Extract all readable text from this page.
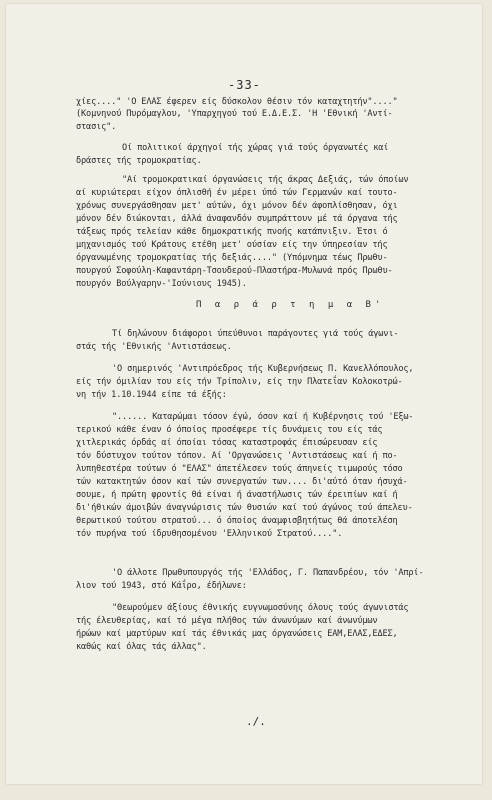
-33-
χίες...." 'Ο ΕΛΑΣ έφερεν είς δύσκολον θέσιν τόν καταχτητήν"...."
(Κομνηνού Πυρόμαγλου, 'Υπαρχηγού τού Ε.Δ.Ε.Σ. 'Η 'Εθνική 'Αντί-
στασις".
Οί πολιτικοί άρχηγοί τής χώρας γιά τούς όργανωτές καί
δράστες τής τρομοκρατίας.
"Αί τρομοκρατικαί όργανώσεις τής άκρας Δεξιάς, τών όποίων
αί κυριώτεραι είχον όπλισθή έν μέρει ύπό τών Γερμανών καί τουτο-
χρόνως συνεργάσθησαν μετ' αύτών, όχι μόνον δέν άφοπλίσθησαν, όχι
μόνον δέν διώκονται, άλλά άναφανδόν συμπράττουν μέ τά όργανα τής
τάξεως πρός τελείαν κάθε δημοκρατικής πνοής κατάπνιξιν. Έτσι ό
μηχανισμός τού Κράτους ετέθη μετ' ούσίαν είς την ύπηρεσίαν τής
όργανωμένης τρομοκρατίας τής δεξιάς...." (Υπόμνημα τέως Πρωθυ-
πουργού Σοφούλη-Καφαντάρη-Τσουδερού-Πλαστήρα-Μυλωνά πρός Πρωθυ-
πουργόν Βούλγαρην-'Ιούνιους 1945).
Π α ρ ά ρ τ η μ α Β'
Τί δηλώνουν διάφοροι ύπεύθυνοι παράγοντες γιά τούς άγωνι-
στάς τής 'Εθνικής 'Αντιστάσεως.
'Ο σημερινός 'Αντιπρόεδρος τής Κυβερνήσεως Π. Κανελλόπουλος,
είς τήν όμιλίαν του είς τήν Τρίπολιν, είς την Πλατεΐαν Κολοκοτρώ-
νη τήν 1.10.1944 είπε τά έξής:
"...... Καταρώμαι τόσον έγώ, όσον καί ή Κυβέρνησις τού 'Εξω-
τερικού κάθε έναν ό όποίος προσέφερε τίς δυνάμεις του είς τάς
χιτλερικάς όρδάς αί όποίαι τόσας καταστροφάς έπισώρευσαν είς
τόν δύστυχον τούτον τόπον. Αί 'Οργανώσεις 'Αντιστάσεως καί ή πο-
λυπηθεστέρα τούτων ό "ΕΛΑΣ" άπετέλεσεν τούς άπηνείς τιμωρούς τόσο
τών κατακτητών όσον καί τών συνεργατών των.... δι'αύτό όταν ήσυχά-
σουμε, ή πρώτη φροντίς θά είναι ή άναστήλωσις τών έρειπίων καί ή
δι'ήθικών άμοιβών άναγνώρισις τών θυσιών καί τού άγώνος τού άπελευ-
θερωτικού τούτου στρατού... ό όποίος άναμφισβητήτως θά άποτελέση
τόν πυρήνα τού ίδρυθησομένου 'Ελληνικού Στρατού....".
'Ο άλλοτε Πρωθυπουργός τής 'Ελλάδος, Γ. Παπανδρέου, τόν 'Απρί-
λιον τού 1943, στό Κάΐρο, έδήλωνε:
"Θεωρούμεν άξίους έθνικής ευγνωμοσύνης όλους τούς άγωνιστάς
τής έλευθερίας, καί τό μέγα πλήθος τών άνωνύμων καί άνωνύμων
ήρώων καί μαρτύρων καί τάς έθνικάς μας όργανώσεις ΕΑΜ,ΕΛΑΣ,ΕΔΕΣ,
καθώς καί όλας τάς άλλας".
./.
